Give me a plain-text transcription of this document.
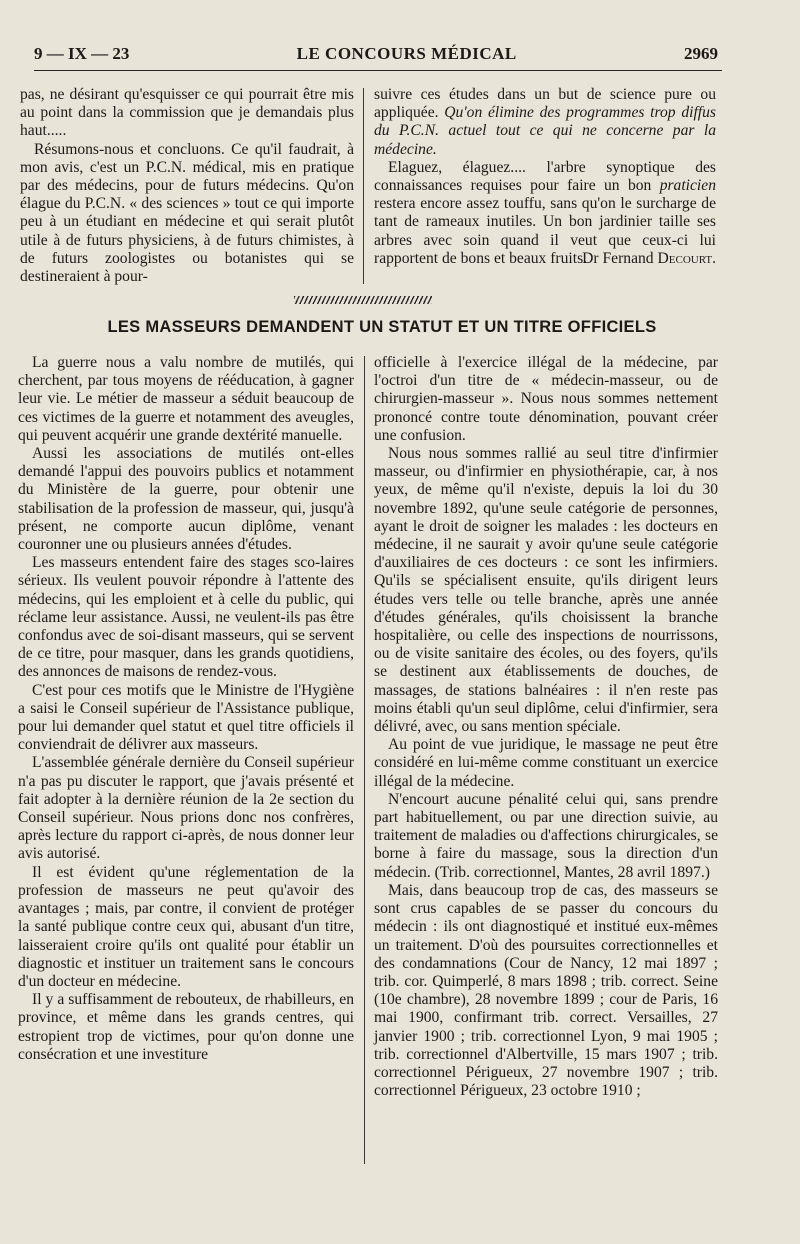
9 — IX — 23	LE CONCOURS MÉDICAL	2969

pas, ne désirant qu'esquisser ce qui pourrait être mis au point dans la commission que je demandais plus haut.....

Résumons-nous et concluons. Ce qu'il faudrait, à mon avis, c'est un P.C.N. médical, mis en pratique par des médecins, pour de futurs médecins. Qu'on élague du P.C.N. « des sciences » tout ce qui importe peu à un étudiant en médecine et qui serait plutôt utile à de futurs physiciens, à de futurs chimistes, à de futurs zoologistes ou botanistes qui se destineraient à pour-

suivre ces études dans un but de science pure ou appliquée. Qu'on élimine des programmes trop diffus du P.C.N. actuel tout ce qui ne concerne par la médecine.

Elaguez, élaguez.... l'arbre synoptique des connaissances requises pour faire un bon praticien restera encore assez touffu, sans qu'on le surcharge de tant de rameaux inutiles. Un bon jardinier taille ses arbres avec soin quand il veut que ceux-ci lui rapportent de bons et beaux fruits.

Dr Fernand Decourt.

LES MASSEURS DEMANDENT UN STATUT ET UN TITRE OFFICIELS

La guerre nous a valu nombre de mutilés, qui cherchent, par tous moyens de rééducation, à gagner leur vie. Le métier de masseur a séduit beaucoup de ces victimes de la guerre et notamment des aveugles, qui peuvent acquérir une grande dextérité manuelle.

Aussi les associations de mutilés ont-elles demandé l'appui des pouvoirs publics et notamment du Ministère de la guerre, pour obtenir une stabilisation de la profession de masseur, qui, jusqu'à présent, ne comporte aucun diplôme, venant couronner une ou plusieurs années d'études.

Les masseurs entendent faire des stages sco-laires sérieux. Ils veulent pouvoir répondre à l'attente des médecins, qui les emploient et à celle du public, qui réclame leur assistance. Aussi, ne veulent-ils pas être confondus avec de soi-disant masseurs, qui se servent de ce titre, pour masquer, dans les grands quotidiens, des annonces de maisons de rendez-vous.

C'est pour ces motifs que le Ministre de l'Hygiène a saisi le Conseil supérieur de l'Assistance publique, pour lui demander quel statut et quel titre officiels il conviendrait de délivrer aux masseurs.

L'assemblée générale dernière du Conseil supérieur n'a pas pu discuter le rapport, que j'avais présenté et fait adopter à la dernière réunion de la 2e section du Conseil supérieur. Nous prions donc nos confrères, après lecture du rapport ci-après, de nous donner leur avis autorisé.

Il est évident qu'une réglementation de la profession de masseurs ne peut qu'avoir des avantages ; mais, par contre, il convient de protéger la santé publique contre ceux qui, abusant d'un titre, laisseraient croire qu'ils ont qualité pour établir un diagnostic et instituer un traitement sans le concours d'un docteur en médecine.

Il y a suffisamment de rebouteux, de rhabilleurs, en province, et même dans les grands centres, qui estropient trop de victimes, pour qu'on donne une consécration et une investiture

officielle à l'exercice illégal de la médecine, par l'octroi d'un titre de « médecin-masseur, ou de chirurgien-masseur ». Nous nous sommes nettement prononcé contre toute dénomination, pouvant créer une confusion.

Nous nous sommes rallié au seul titre d'infirmier masseur, ou d'infirmier en physiothérapie, car, à nos yeux, de même qu'il n'existe, depuis la loi du 30 novembre 1892, qu'une seule catégorie de personnes, ayant le droit de soigner les malades : les docteurs en médecine, il ne saurait y avoir qu'une seule catégorie d'auxiliaires de ces docteurs : ce sont les infirmiers. Qu'ils se spécialisent ensuite, qu'ils dirigent leurs études vers telle ou telle branche, après une année d'études générales, qu'ils choisissent la branche hospitalière, ou celle des inspections de nourrissons, ou de visite sanitaire des écoles, ou des foyers, qu'ils se destinent aux établissements de douches, de massages, de stations balnéaires : il n'en reste pas moins établi qu'un seul diplôme, celui d'infirmier, sera délivré, avec, ou sans mention spéciale.

Au point de vue juridique, le massage ne peut être considéré en lui-même comme constituant un exercice illégal de la médecine.

N'encourt aucune pénalité celui qui, sans prendre part habituellement, ou par une direction suivie, au traitement de maladies ou d'affections chirurgicales, se borne à faire du massage, sous la direction d'un médecin. (Trib. correctionnel, Mantes, 28 avril 1897.)

Mais, dans beaucoup trop de cas, des masseurs se sont crus capables de se passer du concours du médecin : ils ont diagnostiqué et institué eux-mêmes un traitement. D'où des poursuites correctionnelles et des condamnations (Cour de Nancy, 12 mai 1897 ; trib. cor. Quimperlé, 8 mars 1898 ; trib. correct. Seine (10e chambre), 28 novembre 1899 ; cour de Paris, 16 mai 1900, confirmant trib. correct. Versailles, 27 janvier 1900 ; trib. correctionnel Lyon, 9 mai 1905 ; trib. correctionnel d'Albertville, 15 mars 1907 ; trib. correctionnel Périgueux, 27 novembre 1907 ; trib. correctionnel Périgueux, 23 octobre 1910 ;
